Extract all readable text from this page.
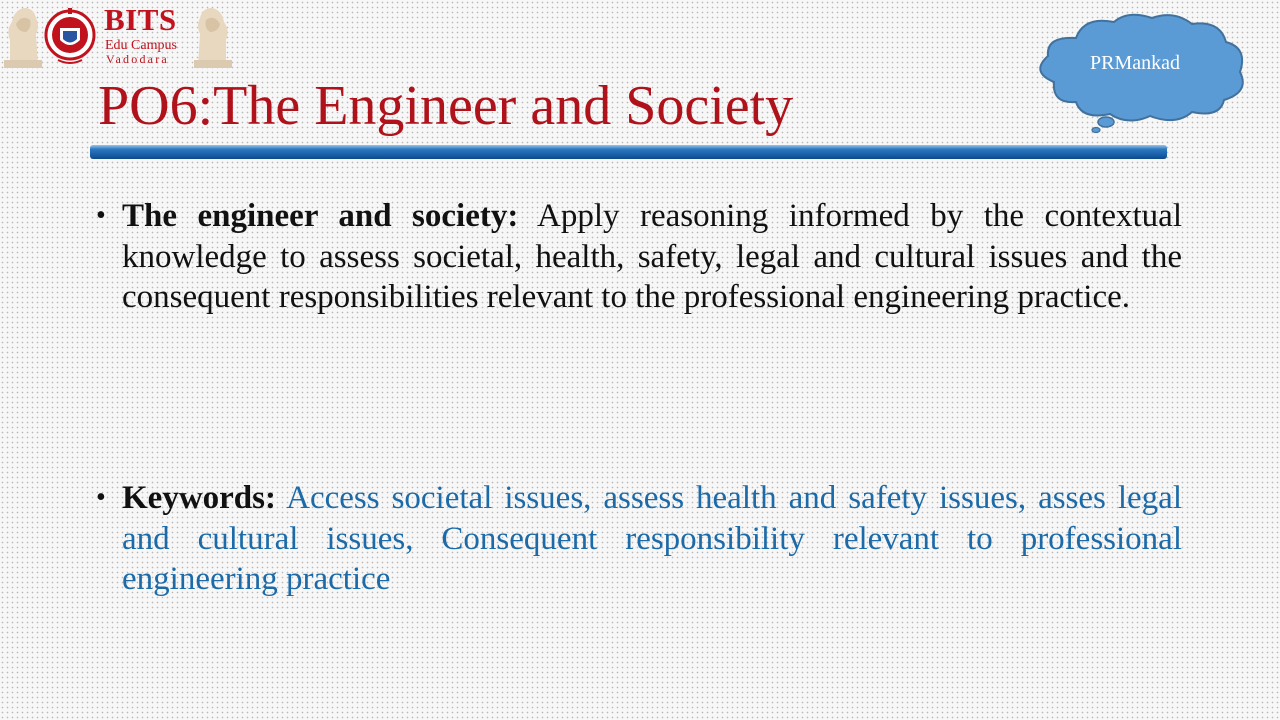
BITS
Edu Campus
Vadodara	PRMankad
PO6:The Engineer and Society

• The engineer and society: Apply reasoning informed by the contextual knowledge to assess societal, health, safety, legal and cultural issues and the consequent responsibilities relevant to the professional engineering practice.

• Keywords: Access societal issues, assess health and safety issues, asses legal and cultural issues, Consequent responsibility relevant to professional engineering practice
